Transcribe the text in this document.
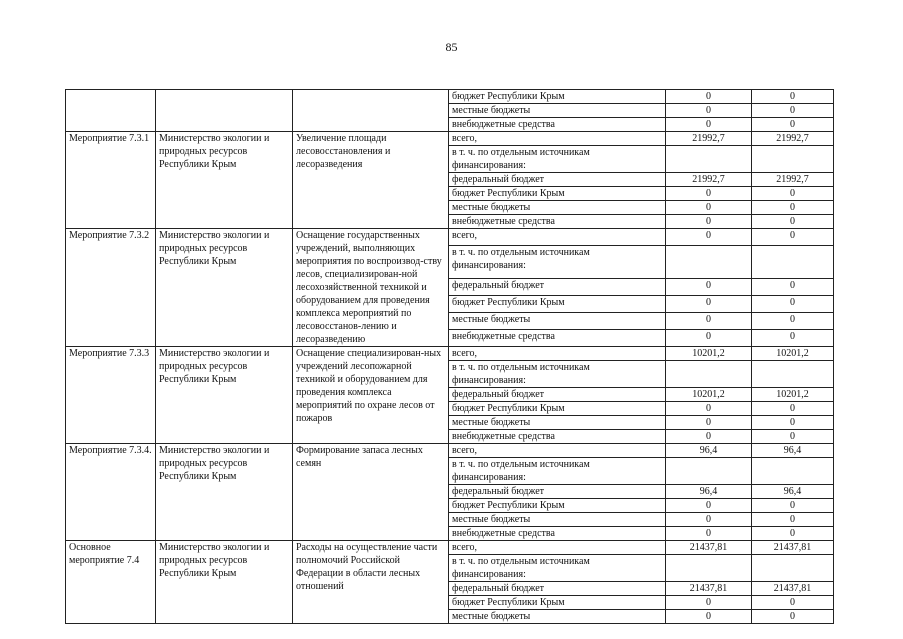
85
			бюджет Республики Крым	0	0
			местные бюджеты	0	0
			внебюджетные средства	0	0
Мероприятие 7.3.1	Министерство экологии и природных ресурсов Республики Крым	Увеличение площади лесовосстановления и лесоразведения	всего,	21992,7	21992,7
			в т. ч. по отдельным источникам финансирования:		
			федеральный бюджет	21992,7	21992,7
			бюджет Республики Крым	0	0
			местные бюджеты	0	0
			внебюджетные средства	0	0
Мероприятие 7.3.2	Министерство экологии и природных ресурсов Республики Крым	Оснащение государственных учреждений, выполняющих мероприятия по воспроизвод-ству лесов, специализирован-ной лесохозяйственной техникой и оборудованием для проведения комплекса мероприятий по лесовосстанов-лению и лесоразведению	всего,	0	0
			в т. ч. по отдельным источникам финансирования:		
			федеральный бюджет	0	0
			бюджет Республики Крым	0	0
			местные бюджеты	0	0
			внебюджетные средства	0	0
Мероприятие 7.3.3	Министерство экологии и природных ресурсов Республики Крым	Оснащение специализирован-ных учреждений лесопожарной техникой и оборудованием для проведения комплекса мероприятий по охране лесов от пожаров	всего,	10201,2	10201,2
			в т. ч. по отдельным источникам финансирования:		
			федеральный бюджет	10201,2	10201,2
			бюджет Республики Крым	0	0
			местные бюджеты	0	0
			внебюджетные средства	0	0
Мероприятие 7.3.4.	Министерство экологии и природных ресурсов Республики Крым	Формирование запаса лесных семян	всего,	96,4	96,4
			в т. ч. по отдельным источникам финансирования:		
			федеральный бюджет	96,4	96,4
			бюджет Республики Крым	0	0
			местные бюджеты	0	0
			внебюджетные средства	0	0
Основное мероприятие 7.4	Министерство экологии и природных ресурсов Республики Крым	Расходы на осуществление части полномочий Российской Федерации в области лесных отношений	всего,	21437,81	21437,81
			в т. ч. по отдельным источникам финансирования:		
			федеральный бюджет	21437,81	21437,81
			бюджет Республики Крым	0	0
			местные бюджеты	0	0
